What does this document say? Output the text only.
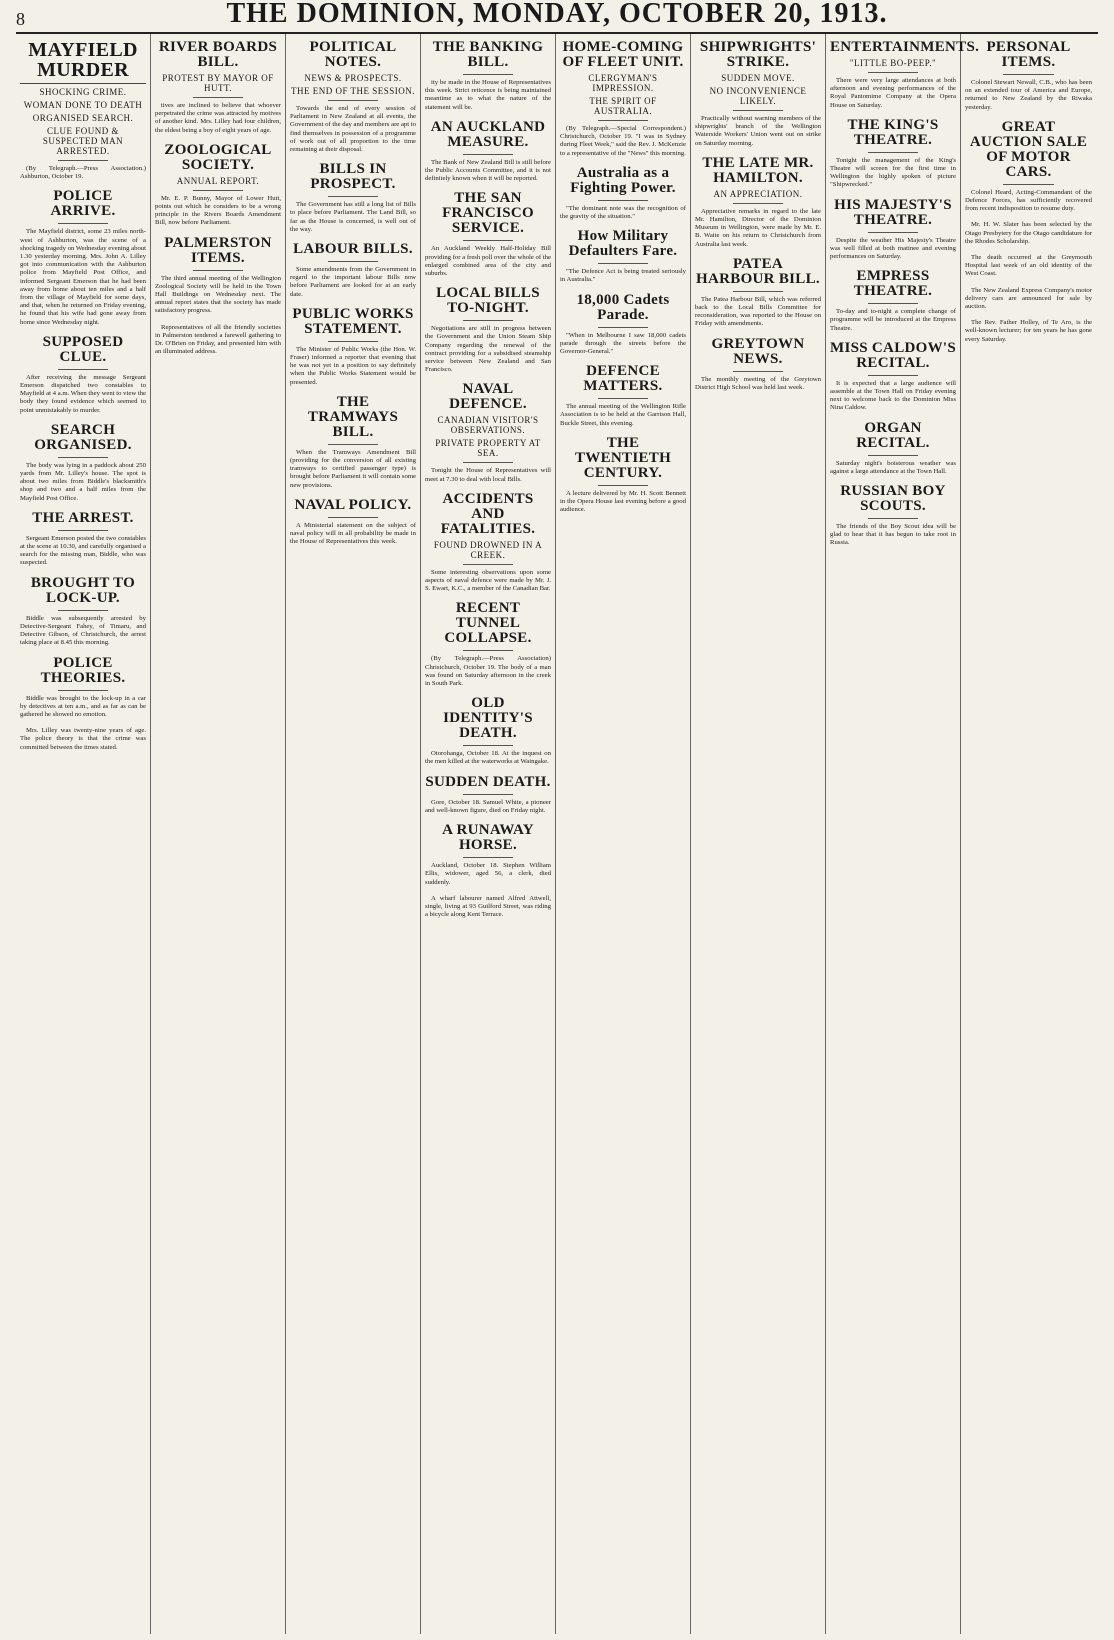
8	THE DOMINION, MONDAY, OCTOBER 20, 1913.
MAYFIELD MURDER
SHOCKING CRIME.
WOMAN DONE TO DEATH
ORGANISED SEARCH.
CLUE FOUND & SUSPECTED MAN ARRESTED.

(By Telegraph.—Press Association.) Ashburton, October 19.

POLICE ARRIVE.

The Mayfield district, some 23 miles north-west of Ashburton, was the scene of a shocking tragedy on Wednesday evening about 1.30 yesterday morning. Mrs. John A. Lilley got into communication with the Ashburton police from Mayfield Post Office, and informed Sergeant Emerson that he had been away from home about ten miles and a half from the village of Mayfield for some days, and that, when he returned on Friday evening, he found that his wife had gone away from home since Wednesday night.

SUPPOSED CLUE.

After receiving the message Sergeant Emerson dispatched two constables to Mayfield at 4 a.m. When they went to view the body they found evidence which seemed to point unmistakably to murder.

SEARCH ORGANISED.

The body was lying in a paddock about 250 yards from Mr. Lilley's house. The spot is about two miles from Biddle's blacksmith's shop and two and a half miles from the Mayfield Post Office.

THE ARREST.

Sergeant Emerson posted the two constables at the scene at 10.30, and carefully organised a search for the missing man, Biddle, who was suspected.

BROUGHT TO LOCK-UP.

Biddle was subsequently arrested by Detective-Sergeant Fahey, of Timaru, and Detective Gibson, of Christchurch, the arrest taking place at 8.45 this morning.

POLICE THEORIES.

Biddle was brought to the lock-up in a car by detectives at ten a.m., and as far as can be gathered he showed no emotion.

Mrs. Lilley was twenty-nine years of age. The police theory is that the crime was committed between the times stated.

RIVER BOARDS BILL.
PROTEST BY MAYOR OF HUTT.

tives are inclined to believe that whoever perpetrated the crime was attracted by motives of another kind. Mrs. Lilley had four children, the eldest being a boy of eight years of age.

ZOOLOGICAL SOCIETY.
ANNUAL REPORT.

Mr. E. P. Bunny, Mayor of Lower Hutt, points out which he considers to be a wrong principle in the Rivers Boards Amendment Bill, now before Parliament.

PALMERSTON ITEMS.

The third annual meeting of the Wellington Zoological Society will be held in the Town Hall Buildings on Wednesday next. The annual report states that the society has made satisfactory progress.

Representatives of all the friendly societies in Palmerston tendered a farewell gathering to Dr. O'Brien on Friday, and presented him with an illuminated address.

POLITICAL NOTES.
NEWS & PROSPECTS.
THE END OF THE SESSION.

Towards the end of every session of Parliament in New Zealand at all events, the Government of the day and members are apt to find themselves in possession of a programme of work out of all proportion to the time remaining at their disposal.

BILLS IN PROSPECT.

The Government has still a long list of Bills to place before Parliament. The Land Bill, so far as the House is concerned, is well out of the way.

LABOUR BILLS.

Some amendments from the Government in regard to the important labour Bills now before Parliament are looked for at an early date.

PUBLIC WORKS STATEMENT.

The Minister of Public Works (the Hon. W. Fraser) informed a reporter that evening that he was not yet in a position to say definitely when the Public Works Statement would be presented.

THE TRAMWAYS BILL.

When the Tramways Amendment Bill (providing for the conversion of all existing tramways to certified passenger type) is brought before Parliament it will contain some new provisions.

NAVAL POLICY.

A Ministerial statement on the subject of naval policy will in all probability be made in the House of Representatives this week.

THE BANKING BILL.

ity be made in the House of Representatives this week. Strict reticence is being maintained meantime as to what the nature of the statement will be.

AN AUCKLAND MEASURE.

The Bank of New Zealand Bill is still before the Public Accounts Committee, and it is not definitely known when it will be reported.

THE SAN FRANCISCO SERVICE.

An Auckland Weekly Half-Holiday Bill providing for a fresh poll over the whole of the enlarged combined area of the city and suburbs.

LOCAL BILLS TO-NIGHT.

Negotiations are still in progress between the Government and the Union Steam Ship Company regarding the renewal of the contract providing for a subsidised steamship service between New Zealand and San Francisco.

NAVAL DEFENCE.
CANADIAN VISITOR'S OBSERVATIONS.
PRIVATE PROPERTY AT SEA.

Tonight the House of Representatives will meet at 7.30 to deal with local Bills.

ACCIDENTS AND FATALITIES.
FOUND DROWNED IN A CREEK.

Some interesting observations upon some aspects of naval defence were made by Mr. J. S. Ewart, K.C., a member of the Canadian Bar.

RECENT TUNNEL COLLAPSE.

(By Telegraph.—Press Association) Christchurch, October 19. The body of a man was found on Saturday afternoon in the creek in South Park.

OLD IDENTITY'S DEATH.

Otorohanga, October 18. At the inquest on the men killed at the waterworks at Waingake.

SUDDEN DEATH.

Gore, October 18. Samuel White, a pioneer and well-known figure, died on Friday night.

A RUNAWAY HORSE.

Auckland, October 18. Stephen William Ellis, widower, aged 56, a clerk, died suddenly.

A wharf labourer named Alfred Attwell, single, living at 93 Guilford Street, was riding a bicycle along Kent Terrace.

HOME-COMING OF FLEET UNIT.
CLERGYMAN'S IMPRESSION.
THE SPIRIT OF AUSTRALIA.

(By Telegraph.—Special Correspondent.) Christchurch, October 19. "I was in Sydney during Fleet Week," said the Rev. J. McKenzie to a representative of the "News" this morning.

Australia as a Fighting Power.

"The dominant note was the recognition of the gravity of the situation."

How Military Defaulters Fare.

"The Defence Act is being treated seriously in Australia."

18,000 Cadets Parade.

"When in Melbourne I saw 18,000 cadets parade through the streets before the Governor-General."

DEFENCE MATTERS.

The annual meeting of the Wellington Rifle Association is to be held at the Garrison Hall, Buckle Street, this evening.

THE TWENTIETH CENTURY.

A lecture delivered by Mr. H. Scott Bennett in the Opera House last evening before a good audience.

SHIPWRIGHTS' STRIKE.
SUDDEN MOVE.
NO INCONVENIENCE LIKELY.

Practically without warning members of the shipwrights' branch of the Wellington Waterside Workers' Union went out on strike on Saturday morning.

THE LATE MR. HAMILTON.
AN APPRECIATION.

Appreciative remarks in regard to the late Mr. Hamilton, Director of the Dominion Museum in Wellington, were made by Mr. E. B. Waite on his return to Christchurch from Australia last week.

PATEA HARBOUR BILL.

The Patea Harbour Bill, which was referred back to the Local Bills Committee for reconsideration, was reported to the House on Friday with amendments.

GREYTOWN NEWS.

The monthly meeting of the Greytown District High School was held last week.

ENTERTAINMENTS.
"LITTLE BO-PEEP."

There were very large attendances at both afternoon and evening performances of the Royal Pantomime Company at the Opera House on Saturday.

THE KING'S THEATRE.

Tonight the management of the King's Theatre will screen for the first time in Wellington the highly spoken of picture "Shipwrecked."

HIS MAJESTY'S THEATRE.

Despite the weather His Majesty's Theatre was well filled at both matinee and evening performances on Saturday.

EMPRESS THEATRE.

To-day and to-night a complete change of programme will be introduced at the Empress Theatre.

MISS CALDOW'S RECITAL.

It is expected that a large audience will assemble at the Town Hall on Friday evening next to welcome back to the Dominion Miss Nina Caldow.

ORGAN RECITAL.

Saturday night's boisterous weather was against a large attendance at the Town Hall.

RUSSIAN BOY SCOUTS.

The friends of the Boy Scout idea will be glad to hear that it has begun to take root in Russia.

PERSONAL ITEMS.

Colonel Stewart Newall, C.B., who has been on an extended tour of America and Europe, returned to New Zealand by the Riwaka yesterday.

GREAT AUCTION SALE OF MOTOR CARS.

Colonel Heard, Acting-Commandant of the Defence Forces, has sufficiently recovered from recent indisposition to resume duty.

Mr. H. W. Slater has been selected by the Otago Presbytery for the Otago candidature for the Rhodes Scholarship.

The death occurred at the Greymouth Hospital last week of an old identity of the West Coast.

The New Zealand Express Company's motor delivery cars are announced for sale by auction.

The Rev. Father Holley, of Te Aro, is the well-known lecturer; for ten years he has gone every Saturday.
